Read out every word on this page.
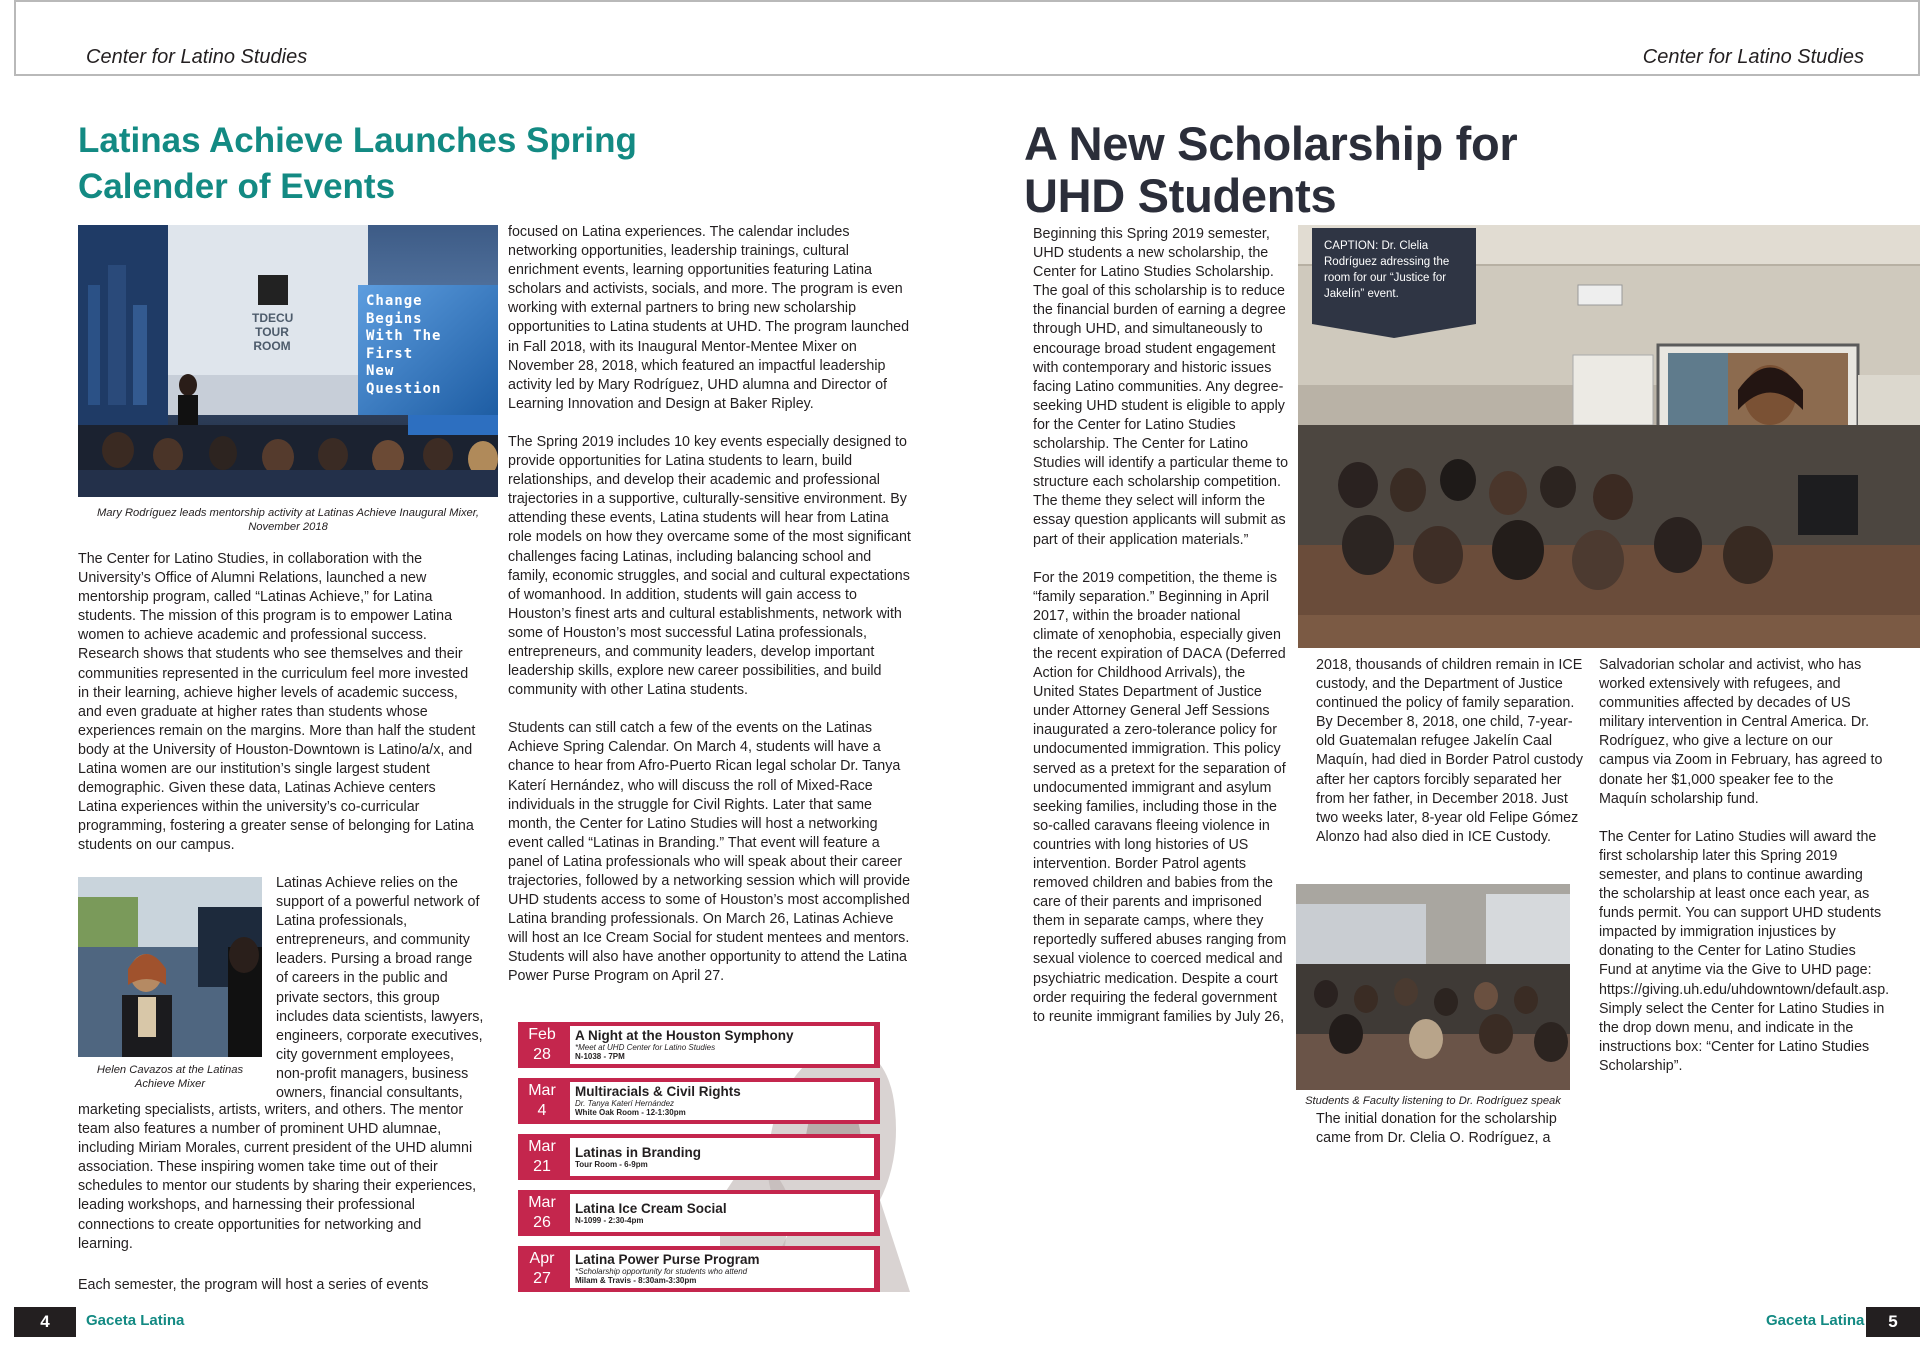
Center for Latino Studies	Center for Latino Studies
Latinas Achieve Launches Spring Calender of Events
TDECU TOUR ROOM
Change Begins With The First New Question
Mary Rodríguez leads mentorship activity at Latinas Achieve Inaugural Mixer, November 2018

The Center for Latino Studies, in collaboration with the University’s Office of Alumni Relations, launched a new mentorship program, called “Latinas Achieve,” for Latina students. The mission of this program is to empower Latina women to achieve academic and professional success. Research shows that students who see themselves and their communities represented in the curriculum feel more invested in their learning, achieve higher levels of academic success, and even graduate at higher rates than students whose experiences remain on the margins. More than half the student body at the University of Houston-Downtown is Latino/a/x, and Latina women are our institution’s single largest student demographic. Given these data, Latinas Achieve centers Latina experiences within the university’s co-curricular programming, fostering a greater sense of belonging for Latina students on our campus.

Helen Cavazos at the Latinas Achieve Mixer
Latinas Achieve relies on the support of a powerful network of Latina professionals, entrepreneurs, and community leaders. Pursing a broad range of careers in the public and private sectors, this group includes data scientists, lawyers, engineers, corporate executives, city government employees, non-profit managers, business owners, financial consultants,
marketing specialists, artists, writers, and others. The mentor team also features a number of prominent UHD alumnae, including Miriam Morales, current president of the UHD alumni association. These inspiring women take time out of their schedules to mentor our students by sharing their experiences, leading workshops, and harnessing their professional connections to create opportunities for networking and learning.
Each semester, the program will host a series of events

focused on Latina experiences. The calendar includes networking opportunities, leadership trainings, cultural enrichment events, learning opportunities featuring Latina scholars and activists, socials, and more. The program is even working with external partners to bring new scholarship opportunities to Latina students at UHD. The program launched in Fall 2018, with its Inaugural Mentor-Mentee Mixer on November 28, 2018, which featured an impactful leadership activity led by Mary Rodríguez, UHD alumna and Director of Learning Innovation and Design at Baker Ripley.

The Spring 2019 includes 10 key events especially designed to provide opportunities for Latina students to learn, build relationships, and develop their academic and professional trajectories in a supportive, culturally-sensitive environment. By attending these events, Latina students will hear from Latina role models on how they overcame some of the most significant challenges facing Latinas, including balancing school and family, economic struggles, and social and cultural expectations of womanhood. In addition, students will gain access to Houston’s finest arts and cultural establishments, network with some of Houston’s most successful Latina professionals, entrepreneurs, and community leaders, develop important leadership skills, explore new career possibilities, and build community with other Latina students.

Students can still catch a few of the events on the Latinas Achieve Spring Calendar. On March 4, students will have a chance to hear from Afro-Puerto Rican legal scholar Dr. Tanya Katerí Hernández, who will discuss the roll of Mixed-Race individuals in the struggle for Civil Rights. Later that same month, the Center for Latino Studies will host a networking event called “Latinas in Branding.” That event will feature a panel of Latina professionals who will speak about their career trajectories, followed by a networking session which will provide UHD students access to some of Houston’s most accomplished Latina branding professionals. On March 26, Latinas Achieve will host an Ice Cream Social for student mentees and mentors. Students will also have another opportunity to attend the Latina Power Purse Program on April 27.

Feb
28
A Night at the Houston Symphony
*Meet at UHD Center for Latino Studies
N-1038 - 7PM
Mar
4
Multiracials & Civil Rights
Dr. Tanya Katerí Hernández
White Oak Room - 12-1:30pm
Mar
21
Latinas in Branding
Tour Room - 6-9pm
Mar
26
Latina Ice Cream Social
N-1099 - 2:30-4pm
Apr
27
Latina Power Purse Program
*Scholarship opportunity for students who attend
Milam & Travis - 8:30am-3:30pm
4	Gaceta Latina
A New Scholarship for UHD Students

Beginning this Spring 2019 semester, UHD students a new scholarship, the Center for Latino Studies Scholarship. The goal of this scholarship is to reduce the financial burden of earning a degree through UHD, and simultaneously to encourage broad student engagement with contemporary and historic issues facing Latino communities. Any degree-seeking UHD student is eligible to apply for the Center for Latino Studies scholarship. The Center for Latino Studies will identify a particular theme to structure each scholarship competition. The theme they select will inform the essay question applicants will submit as part of their application materials.”

For the 2019 competition, the theme is “family separation.” Beginning in April 2017, within the broader national climate of xenophobia, especially given the recent expiration of DACA (Deferred Action for Childhood Arrivals), the United States Department of Justice under Attorney General Jeff Sessions inaugurated a zero-tolerance policy for undocumented immigration. This policy served as a pretext for the separation of undocumented immigrant and asylum seeking families, including those in the so-called caravans fleeing violence in countries with long histories of US intervention. Border Patrol agents removed children and babies from the care of their parents and imprisoned them in separate camps, where they reportedly suffered abuses ranging from sexual violence to coerced medical and psychiatric medication. Despite a court order requiring the federal government to reunite immigrant families by July 26,

CAPTION: Dr. Clelia Rodríguez adressing the room for our “Justice for Jakelín” event.
2018, thousands of children remain in ICE custody, and the Department of Justice continued the policy of family separation. By December 8, 2018, one child, 7-year-old Guatemalan refugee Jakelín Caal Maquín, had died in Border Patrol custody after her captors forcibly separated her from her father, in December 2018. Just two weeks later, 8-year old Felipe Gómez Alonzo had also died in ICE Custody.
Students & Faculty listening to Dr. Rodríguez speak
The initial donation for the scholarship came from Dr. Clelia O. Rodríguez, a

Salvadorian scholar and activist, who has worked extensively with refugees, and communities affected by decades of US military intervention in Central America. Dr. Rodríguez, who give a lecture on our campus via Zoom in February, has agreed to donate her $1,000 speaker fee to the Maquín scholarship fund.

The Center for Latino Studies will award the first scholarship later this Spring 2019 semester, and plans to continue awarding the scholarship at least once each year, as funds permit. You can support UHD students impacted by immigration injustices by donating to the Center for Latino Studies Fund at anytime via the Give to UHD page: https://giving.uh.edu/uhdowntown/default.asp. Simply select the Center for Latino Studies in the drop down menu, and indicate in the instructions box: “Center for Latino Studies Scholarship”.

Gaceta Latina	5
